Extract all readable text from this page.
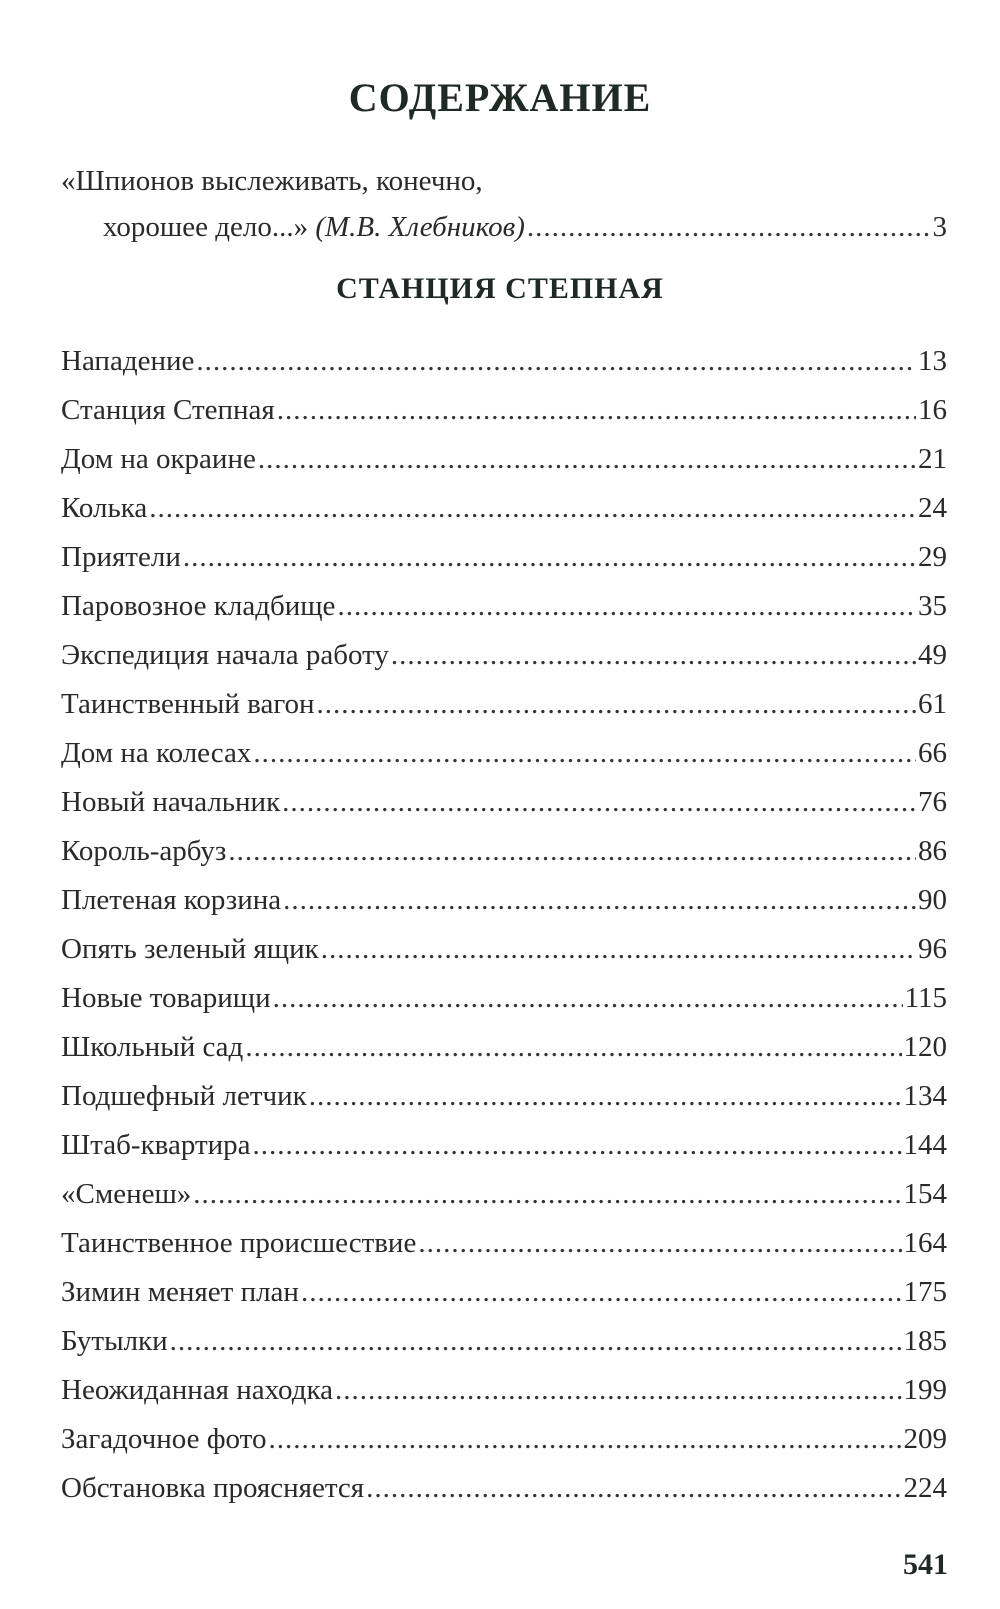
СОДЕРЖАНИЕ
«Шпионов выслеживать, конечно,
хорошее дело...» (М.В. Хлебников) .....	3
СТАНЦИЯ СТЕПНАЯ
Нападение .....	13
Станция Степная .....	16
Дом на окраине .....	21
Колька .....	24
Приятели .....	29
Паровозное кладбище .....	35
Экспедиция начала работу .....	49
Таинственный вагон .....	61
Дом на колесах .....	66
Новый начальник .....	76
Король-арбуз .....	86
Плетеная корзина .....	90
Опять зеленый ящик .....	96
Новые товарищи .....	115
Школьный сад .....	120
Подшефный летчик .....	134
Штаб-квартира .....	144
«Сменеш» .....	154
Таинственное происшествие .....	164
Зимин меняет план .....	175
Бутылки .....	185
Неожиданная находка .....	199
Загадочное фото .....	209
Обстановка проясняется .....	224
541
